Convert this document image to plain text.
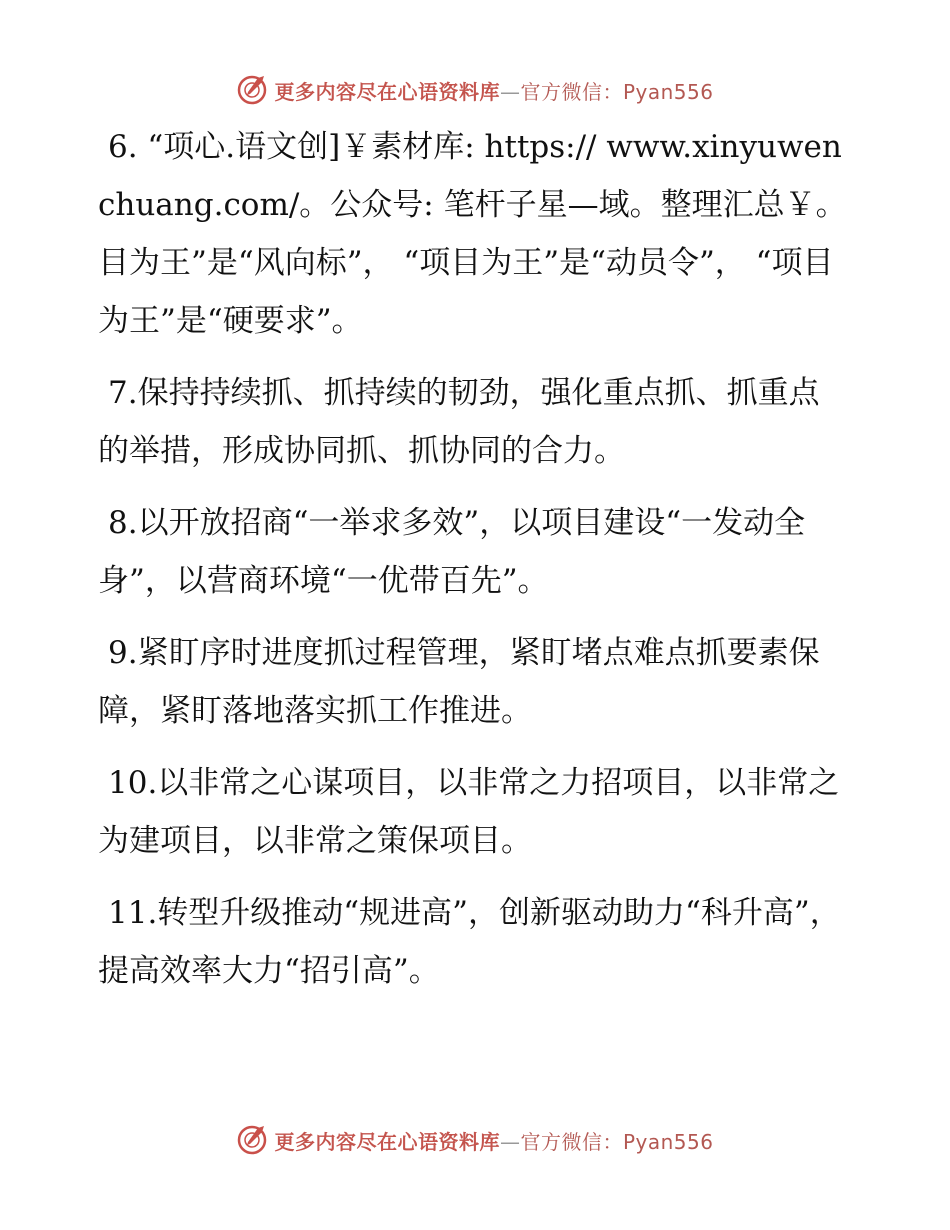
更多内容尽在心语资料库—官方微信：Pyan556

6. “项心.语文创]￥素材库: https:// www.xinyuwenchuang.com/。公众号: 笔杆子星—域。整理汇总￥。目为王”是“风向标”， “项目为王”是“动员令”， “项目为王”是“硬要求”。

7.保持持续抓、抓持续的韧劲，强化重点抓、抓重点的举措，形成协同抓、抓协同的合力。

8.以开放招商“一举求多效”，以项目建设“一发动全身”，以营商环境“一优带百先”。

9.紧盯序时进度抓过程管理，紧盯堵点难点抓要素保障，紧盯落地落实抓工作推进。

10.以非常之心谋项目，以非常之力招项目，以非常之为建项目，以非常之策保项目。

11.转型升级推动“规进高”，创新驱动助力“科升高”，提高效率大力“招引高”。

更多内容尽在心语资料库—官方微信：Pyan556
